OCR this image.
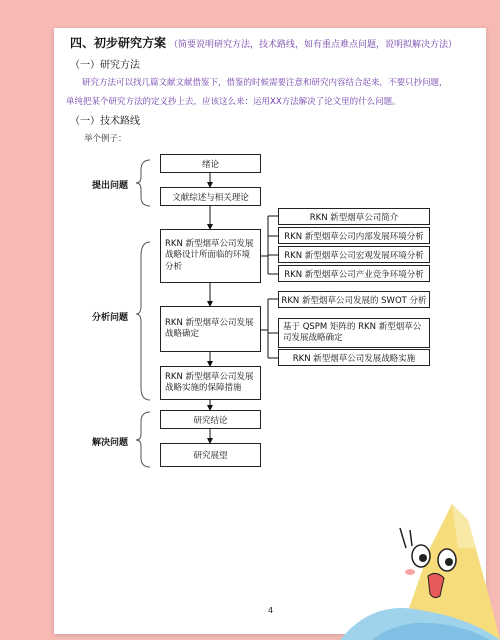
四、初步研究方案 （简要说明研究方法，技术路线，如有重点难点问题，说明拟解决方法）
（一）研究方法
研究方法可以找几篇文献文献借鉴下，借鉴的时候需要注意和研究内容结合起来，不要只抄问题，
单纯把某个研究方法的定义抄上去，应该这么来：运用XX方法解决了论文里的什么问题。
（一）技术路线
举个例子：
提出问题
分析问题
解决问题
绪论
文献综述与相关理论
RKN 新型烟草公司发展战略设计所面临的环境分析
RKN 新型烟草公司发展战略确定
RKN 新型烟草公司发展战略实施的保障措施
研究结论
研究展望
RKN 新型烟草公司简介
RKN 新型烟草公司内部发展环境分析
RKN 新型烟草公司宏观发展环境分析
RKN 新型烟草公司产业竞争环境分析
RKN 新型烟草公司发展的 SWOT 分析
基于 QSPM 矩阵的 RKN 新型烟草公司发展战略确定
RKN 新型烟草公司发展战略实施
4
